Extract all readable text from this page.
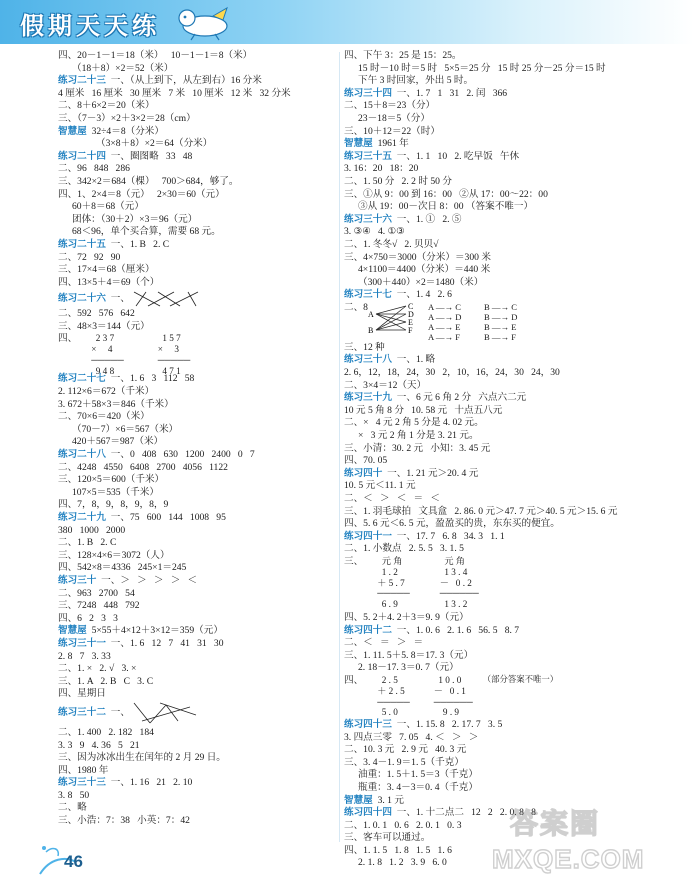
假期天天练
四、20－1－1＝18（米）   10－1－1＝8（米）
（18＋8）×2＝52（米）
练习二十三  一、（从上到下，从左到右）16 分米
4 厘米   16 厘米   30 厘米   7 米   10 厘米   12 米   32 分米
二、8＋6×2＝20（米）
三、（7－3）×2＋3×2＝28（cm）
智慧屋  32÷4＝8（分米）
（3×8＋8）×2＝64（分米）
练习二十四  一、圈图略   33   48
二、96   848   286
三、342×2＝684（棵）   700＞684，够了。
四、1、2×4＝8（元）   2×30＝60（元）
60＋8＝68（元）
团体：（30＋2）×3＝96（元）
68＜96，单个买合算，需要 68 元。
练习二十五  一、1. B   2. C
二、72   92   90
三、17×4＝68（厘米）
四、13×5＋4＝69（个）
练习二十六  一、
二、592   576   642
三、48×3＝144（元）
四、	2 3 7
×     4
─────
9 4 8
1 5 7
×     3
─────
4 7 1
练习二十七  一、1. 6   3   112   58
2. 112×6＝672（千米）
3. 672＋58×3＝846（千米）
二、70×6＝420（米）
（70－7）×6＝567（米）
420＋567＝987（米）
练习二十八  一、0   408   630   1200   2400   0   7
二、4248   4550   6408   2700   4056   1122
三、120×5＝600（千米）
107×5＝535（千米）
四、7，8，9，8，9，8，9
练习二十九  一、75   600   144   1008   95
380   1000   2000
二、1. B   2. C
三、128×4×6＝3072（人）
四、542×8＝4336   245×1＝245
练习三十  一、＞   ＞   ＞   ＞   ＜
二、963   2700   54
三、7248   448   792
四、6   2   3   3
智慧屋  5×55＋4×12＋3×12＝359（元）
练习三十一  一、1. 6   12   7   41   31   30
2. 8   7   3. 33
二、1. ×   2. √   3. ×
三、1. A   2. B   C   3. C
四、星期日
练习三十二  一、
二、1. 400   2. 182   184
3. 3   9   4. 36   5   21
三、因为冰冰出生在闰年的 2 月 29 日。
四、1980 年
练习三十三  一、1. 16   21   2. 10
3. 8   50
二、略
三、小浩：7：38   小英：7：42
四、下午 3：25 是 15：25。
15 时－10 时＝5 时   5×5＝25 分   15 时 25 分－25 分＝15 时
下午 3 时回家，外出 5 时。
练习三十四  一、1. 7   1   31   2. 闰   366
二、15＋8＝23（分）
23－18＝5（分）
三、10＋12＝22（时）
智慧屋  1961 年
练习三十五  一、1. 1   10   2. 吃早饭   午休
3. 16：20   18：20
二、1. 50 分   2. 2 时 50 分
三、①从 9：00 到 16：00   ②从 17：00～22：00
③从 19：00－次日 8：00 （答案不唯一）
练习三十六  一、1. ①   2. ⑤
3. ③④   4. ①③
二、1. 冬冬√   2. 贝贝√
三、4×750＝3000（分米）＝300 米
4×1100＝4400（分米）＝440 米
（300＋440）×2＝1480（米）
练习三十七  一、1. 4   2. 6
二、8
A
B
C
D
E
F
A —→ C
A —→ D
A —→ E
A —→ F
B —→ C
B —→ D
B —→ E
B —→ F
三、12 种
练习三十八  一、1. 略
2. 6，12，18，24，30   2，10，16，24，30   24，30
二、3×4＝12（天）
练习三十九  一、6 元 6 角 2 分   六点六二元
10 元 5 角 8 分   10. 58 元   十点五八元
二、×   4 元 2 角 5 分是 4. 02 元。
×   3 元 2 角 1 分是 3. 21 元。
三、小清：30. 2 元   小知：3. 45 元
四、70. 05
练习四十  一、1. 21 元＞20. 4 元
10. 5 元＜11. 1 元
二、＜   ＞   ＜   ＝   ＜
三、1. 羽毛球拍   文具盒   2. 86. 0 元＞47. 7 元＞40. 5 元＞15. 6 元
四、5. 6 元＜6. 5 元，盈盈买的贵，东东买的便宜。
练习四十一  一、17. 7   6. 8   34. 3   1. 1
二、1. 小数点   2. 5. 5   3. 1. 5
三、	元 角
1 . 2
＋ 5 . 7
─────
6 . 9
元 角
1 3 . 4
－   0 . 2
──────
1 3 . 2
四、5. 2＋4. 2＋3＝9. 9（元）
练习四十二  一、1. 0. 6   2. 1. 6   56. 5   8. 7
二、＜   ＝   ＞   ＝
三、1. 11. 5＋5. 8＝17. 3（元）
2. 18－17. 3＝0. 7（元）
四、	2 . 5
＋ 2 . 5
─────
5 . 0
1 0 . 0
－   0 . 1
──────
9 . 9
（部分答案不唯一）
练习四十三  一、1. 15. 8   2. 17. 7   3. 5
3. 四点三零   7. 05   4. ＜   ＞   ＞
二、10. 3 元   2. 9 元   40. 3 元
三、3. 4－1. 9＝1. 5（千克）
油重：1. 5＋1. 5＝3（千克）
瓶重：3. 4－3＝0. 4（千克）
智慧屋  3. 1 元
练习四十四  一、1. 十二点二   12   2   2. 0. 8   8
二、1. 0. 1   0. 6   2. 0. 1   0. 3
三、客车可以通过。
四、1. 1. 5   1. 8   1. 5   1. 6
2. 1. 8   1. 2   3. 9   6. 0
46
答案圈
MXQE.COM
